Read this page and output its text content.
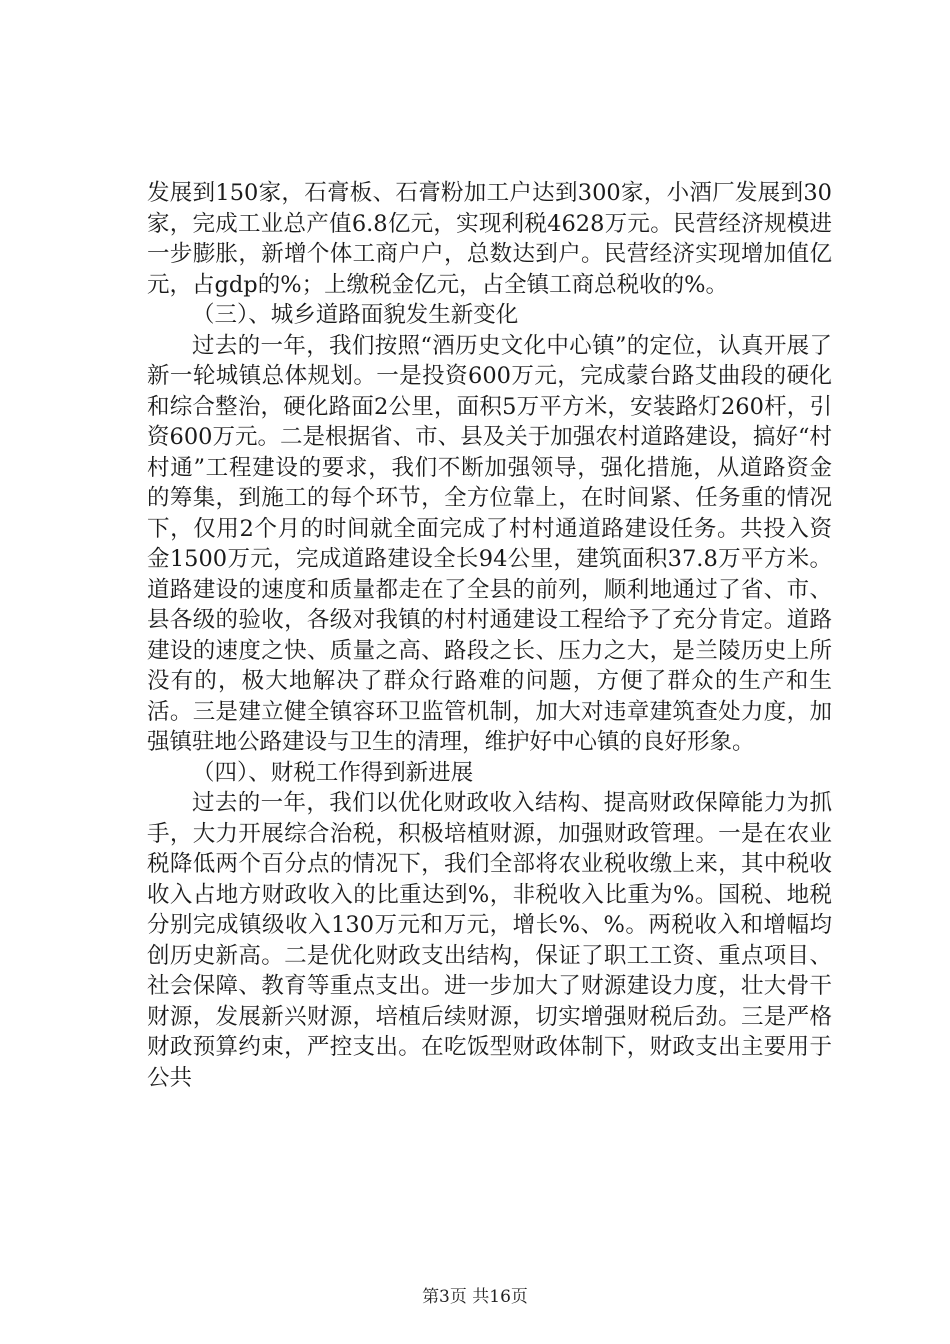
发展到150家，石膏板、石膏粉加工户达到300家，小酒厂发展到30家，完成工业总产值6.8亿元，实现利税4628万元。民营经济规模进一步膨胀，新增个体工商户户，总数达到户。民营经济实现增加值亿元，占gdp的%；上缴税金亿元，占全镇工商总税收的%。

（三）、城乡道路面貌发生新变化

过去的一年，我们按照“酒历史文化中心镇”的定位，认真开展了新一轮城镇总体规划。一是投资600万元，完成蒙台路艾曲段的硬化和综合整治，硬化路面2公里，面积5万平方米，安装路灯260杆，引资600万元。二是根据省、市、县及关于加强农村道路建设，搞好“村村通”工程建设的要求，我们不断加强领导，强化措施，从道路资金的筹集，到施工的每个环节，全方位靠上，在时间紧、任务重的情况下，仅用2个月的时间就全面完成了村村通道路建设任务。共投入资金1500万元，完成道路建设全长94公里，建筑面积37.8万平方米。道路建设的速度和质量都走在了全县的前列，顺利地通过了省、市、县各级的验收，各级对我镇的村村通建设工程给予了充分肯定。道路建设的速度之快、质量之高、路段之长、压力之大，是兰陵历史上所没有的，极大地解决了群众行路难的问题，方便了群众的生产和生活。三是建立健全镇容环卫监管机制，加大对违章建筑查处力度，加强镇驻地公路建设与卫生的清理，维护好中心镇的良好形象。

（四）、财税工作得到新进展

过去的一年，我们以优化财政收入结构、提高财政保障能力为抓手，大力开展综合治税，积极培植财源，加强财政管理。一是在农业税降低两个百分点的情况下，我们全部将农业税收缴上来，其中税收收入占地方财政收入的比重达到%，非税收入比重为%。国税、地税分别完成镇级收入130万元和万元，增长%、%。两税收入和增幅均创历史新高。二是优化财政支出结构，保证了职工工资、重点项目、社会保障、教育等重点支出。进一步加大了财源建设力度，壮大骨干财源，发展新兴财源，培植后续财源，切实增强财税后劲。三是严格财政预算约束，严控支出。在吃饭型财政体制下，财政支出主要用于公共

第3页 共16页
